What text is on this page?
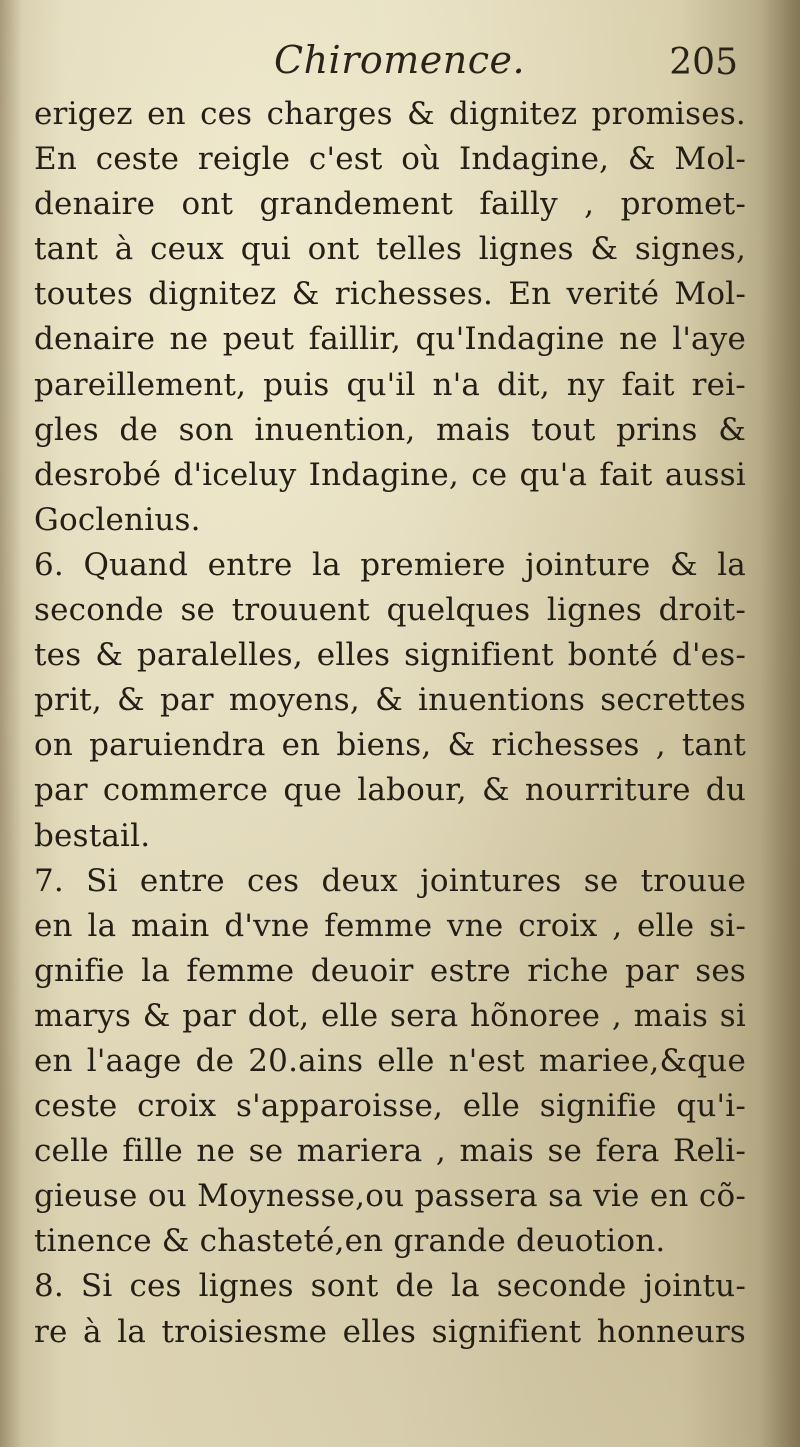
Chiromence.	205
erigez en ces charges & dignitez promises.
En ceste reigle c'est où Indagine, & Mol-
denaire ont grandement failly , promet-
tant à ceux qui ont telles lignes & signes,
toutes dignitez & richesses. En verité Mol-
denaire ne peut faillir, qu'Indagine ne l'aye
pareillement, puis qu'il n'a dit, ny fait rei-
gles de son inuention, mais tout prins &
desrobé d'iceluy Indagine, ce qu'a fait aussi
Goclenius.
6. Quand entre la premiere jointure & la
seconde se trouuent quelques lignes droit-
tes & paralelles, elles signifient bonté d'es-
prit, & par moyens, & inuentions secrettes
on paruiendra en biens, & richesses , tant
par commerce que labour, & nourriture du
bestail.
7. Si entre ces deux jointures se trouue
en la main d'vne femme vne croix , elle si-
gnifie la femme deuoir estre riche par ses
marys & par dot, elle sera hõnoree , mais si
en l'aage de 20.ains elle n'est mariee,&que
ceste croix s'apparoisse, elle signifie qu'i-
celle fille ne se mariera , mais se fera Reli-
gieuse ou Moynesse,ou passera sa vie en cõ-
tinence & chasteté,en grande deuotion.
8. Si ces lignes sont de la seconde jointu-
re à la troisiesme elles signifient honneurs
